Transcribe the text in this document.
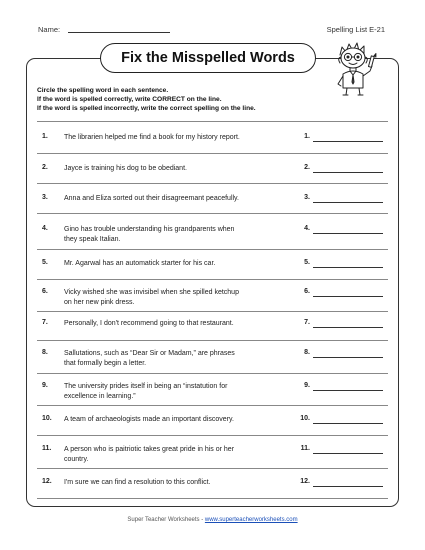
Name:	Spelling List E-21
Fix the Misspelled Words
Circle the spelling word in each sentence.
If the word is spelled correctly, write CORRECT on the line.
If the word is spelled incorrectly, write the correct spelling on the line.
1. The librarien helped me find a book for my history report.	1.
2. Jayce is training his dog to be obediant.	2.
3. Anna and Eliza sorted out their disagreemant peacefully.	3.
4. Gino has trouble understanding his grandparents when
they speak Italian.
4.
5. Mr. Agarwal has an automatick starter for his car.	5.
6. Vicky wished she was invisibel when she spilled ketchup
on her new pink dress.
6.
7. Personally, I don't recommend going to that restaurant.	7.
8. Sallutations, such as “Dear Sir or Madam,” are phrases
that formally begin a letter.
8.
9. The university prides itself in being an “instatution for
excellence in learning.”
9.
10. A team of archaeologists made an important discovery.	10.
11. A person who is paitriotic takes great pride in his or her
country.
11.
12. I'm sure we can find a resolution to this conflict.	12.
Super Teacher Worksheets - www.superteacherworksheets.com
